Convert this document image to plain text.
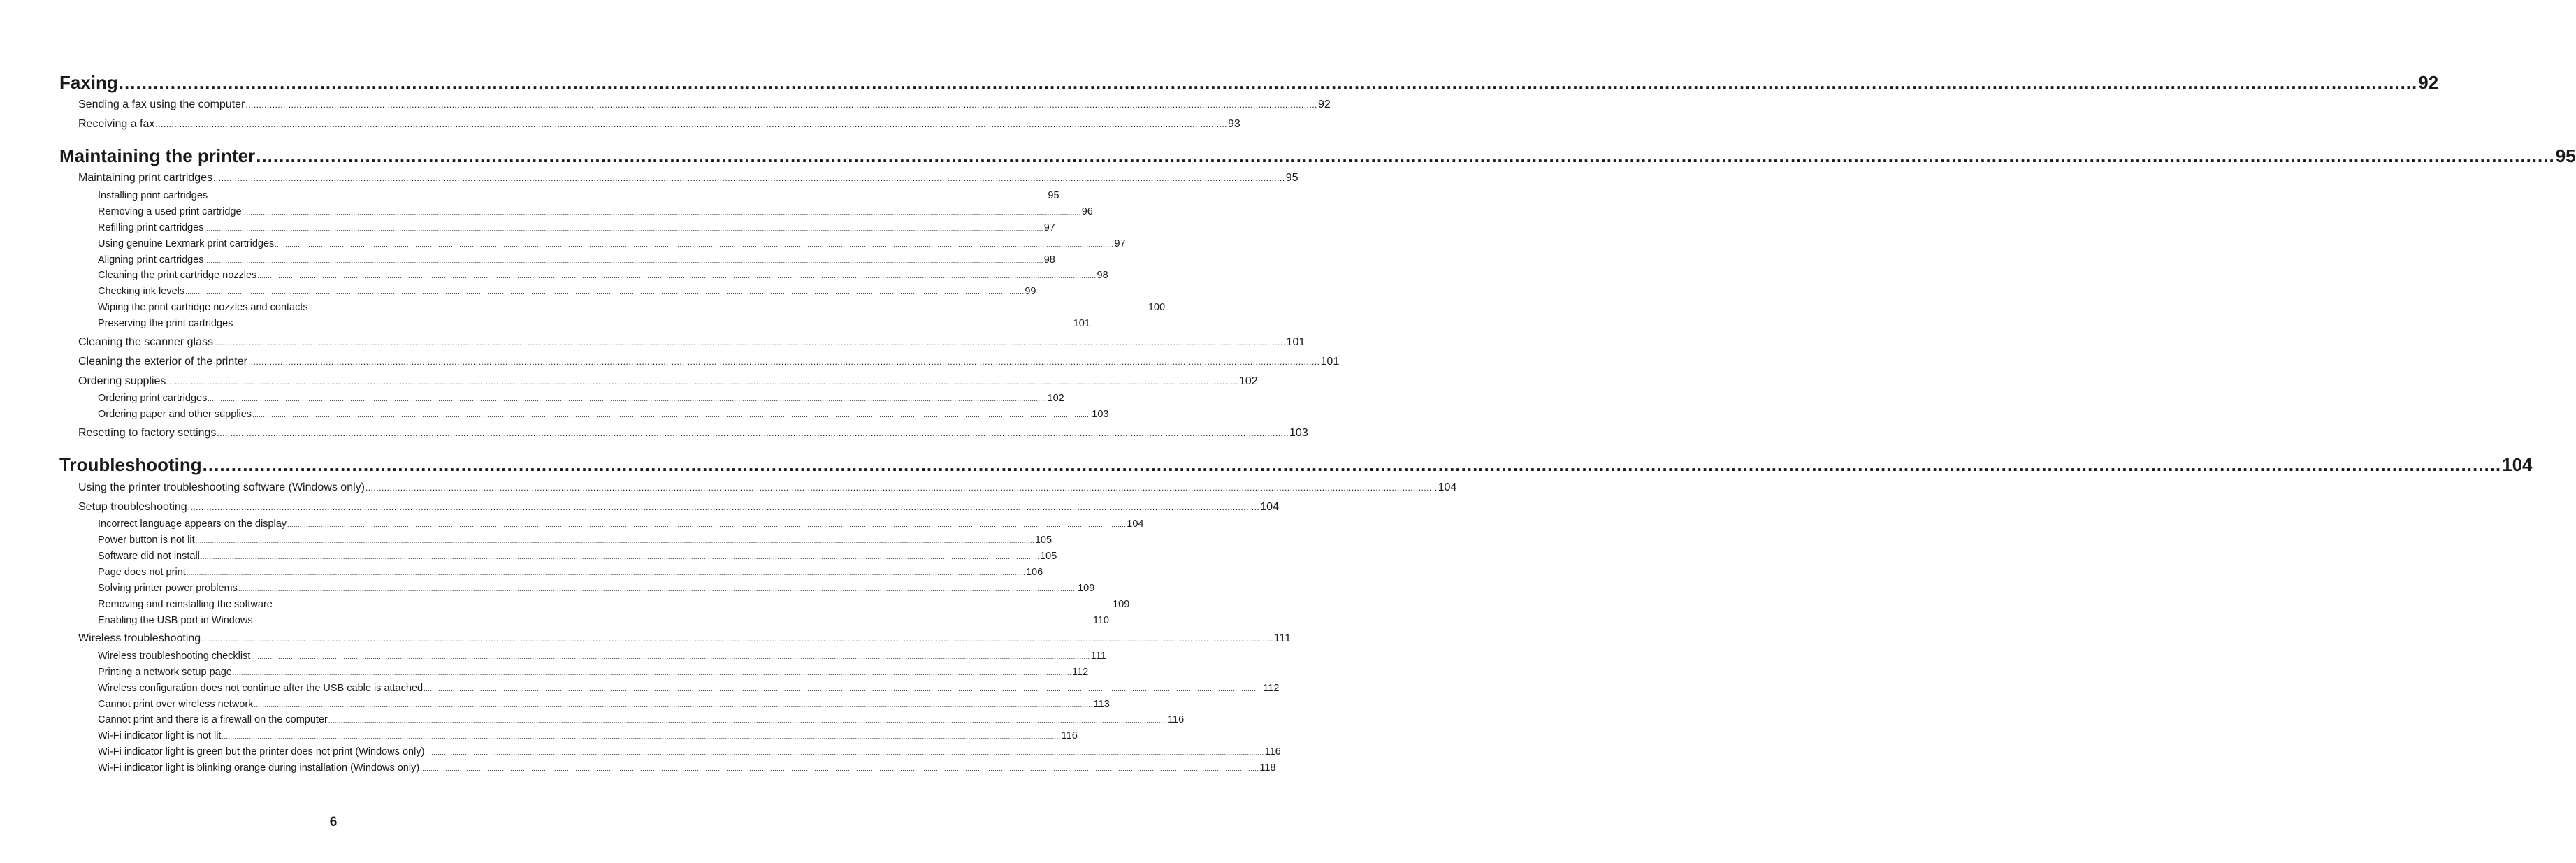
Faxing ................................................................................................................................................................................................................................................................................................................................................................................................................ 92
Sending a fax using the computer ................................................................................................................................................................................................................................................................................................................................................................................................................ 92
Receiving a fax ................................................................................................................................................................................................................................................................................................................................................................................................................ 93
Maintaining the printer ................................................................................................................................................................................................................................................................................................................................................................................................................ 95
Maintaining print cartridges ................................................................................................................................................................................................................................................................................................................................................................................................................ 95
Installing print cartridges ................................................................................................................................................................................................................................................................................................................................................................................................................ 95
Removing a used print cartridge ................................................................................................................................................................................................................................................................................................................................................................................................................ 96
Refilling print cartridges ................................................................................................................................................................................................................................................................................................................................................................................................................ 97
Using genuine Lexmark print cartridges ................................................................................................................................................................................................................................................................................................................................................................................................................ 97
Aligning print cartridges ................................................................................................................................................................................................................................................................................................................................................................................................................ 98
Cleaning the print cartridge nozzles ................................................................................................................................................................................................................................................................................................................................................................................................................ 98
Checking ink levels ................................................................................................................................................................................................................................................................................................................................................................................................................ 99
Wiping the print cartridge nozzles and contacts ................................................................................................................................................................................................................................................................................................................................................................................................................ 100
Preserving the print cartridges ................................................................................................................................................................................................................................................................................................................................................................................................................ 101
Cleaning the scanner glass ................................................................................................................................................................................................................................................................................................................................................................................................................ 101
Cleaning the exterior of the printer ................................................................................................................................................................................................................................................................................................................................................................................................................ 101
Ordering supplies ................................................................................................................................................................................................................................................................................................................................................................................................................ 102
Ordering print cartridges ................................................................................................................................................................................................................................................................................................................................................................................................................ 102
Ordering paper and other supplies ................................................................................................................................................................................................................................................................................................................................................................................................................ 103
Resetting to factory settings ................................................................................................................................................................................................................................................................................................................................................................................................................ 103
Troubleshooting ................................................................................................................................................................................................................................................................................................................................................................................................................ 104
Using the printer troubleshooting software (Windows only) ................................................................................................................................................................................................................................................................................................................................................................................................................ 104
Setup troubleshooting ................................................................................................................................................................................................................................................................................................................................................................................................................ 104
Incorrect language appears on the display ................................................................................................................................................................................................................................................................................................................................................................................................................ 104
Power button is not lit ................................................................................................................................................................................................................................................................................................................................................................................................................ 105
Software did not install ................................................................................................................................................................................................................................................................................................................................................................................................................ 105
Page does not print ................................................................................................................................................................................................................................................................................................................................................................................................................ 106
Solving printer power problems ................................................................................................................................................................................................................................................................................................................................................................................................................ 109
Removing and reinstalling the software ................................................................................................................................................................................................................................................................................................................................................................................................................ 109
Enabling the USB port in Windows ................................................................................................................................................................................................................................................................................................................................................................................................................ 110
Wireless troubleshooting ................................................................................................................................................................................................................................................................................................................................................................................................................ 111
Wireless troubleshooting checklist ................................................................................................................................................................................................................................................................................................................................................................................................................ 111
Printing a network setup page ................................................................................................................................................................................................................................................................................................................................................................................................................ 112
Wireless configuration does not continue after the USB cable is attached ................................................................................................................................................................................................................................................................................................................................................................................................................ 112
Cannot print over wireless network ................................................................................................................................................................................................................................................................................................................................................................................................................ 113
Cannot print and there is a firewall on the computer ................................................................................................................................................................................................................................................................................................................................................................................................................ 116
Wi-Fi indicator light is not lit ................................................................................................................................................................................................................................................................................................................................................................................................................ 116
Wi-Fi indicator light is green but the printer does not print (Windows only) ................................................................................................................................................................................................................................................................................................................................................................................................................ 116
Wi-Fi indicator light is blinking orange during installation (Windows only) ................................................................................................................................................................................................................................................................................................................................................................................................................ 118
6
